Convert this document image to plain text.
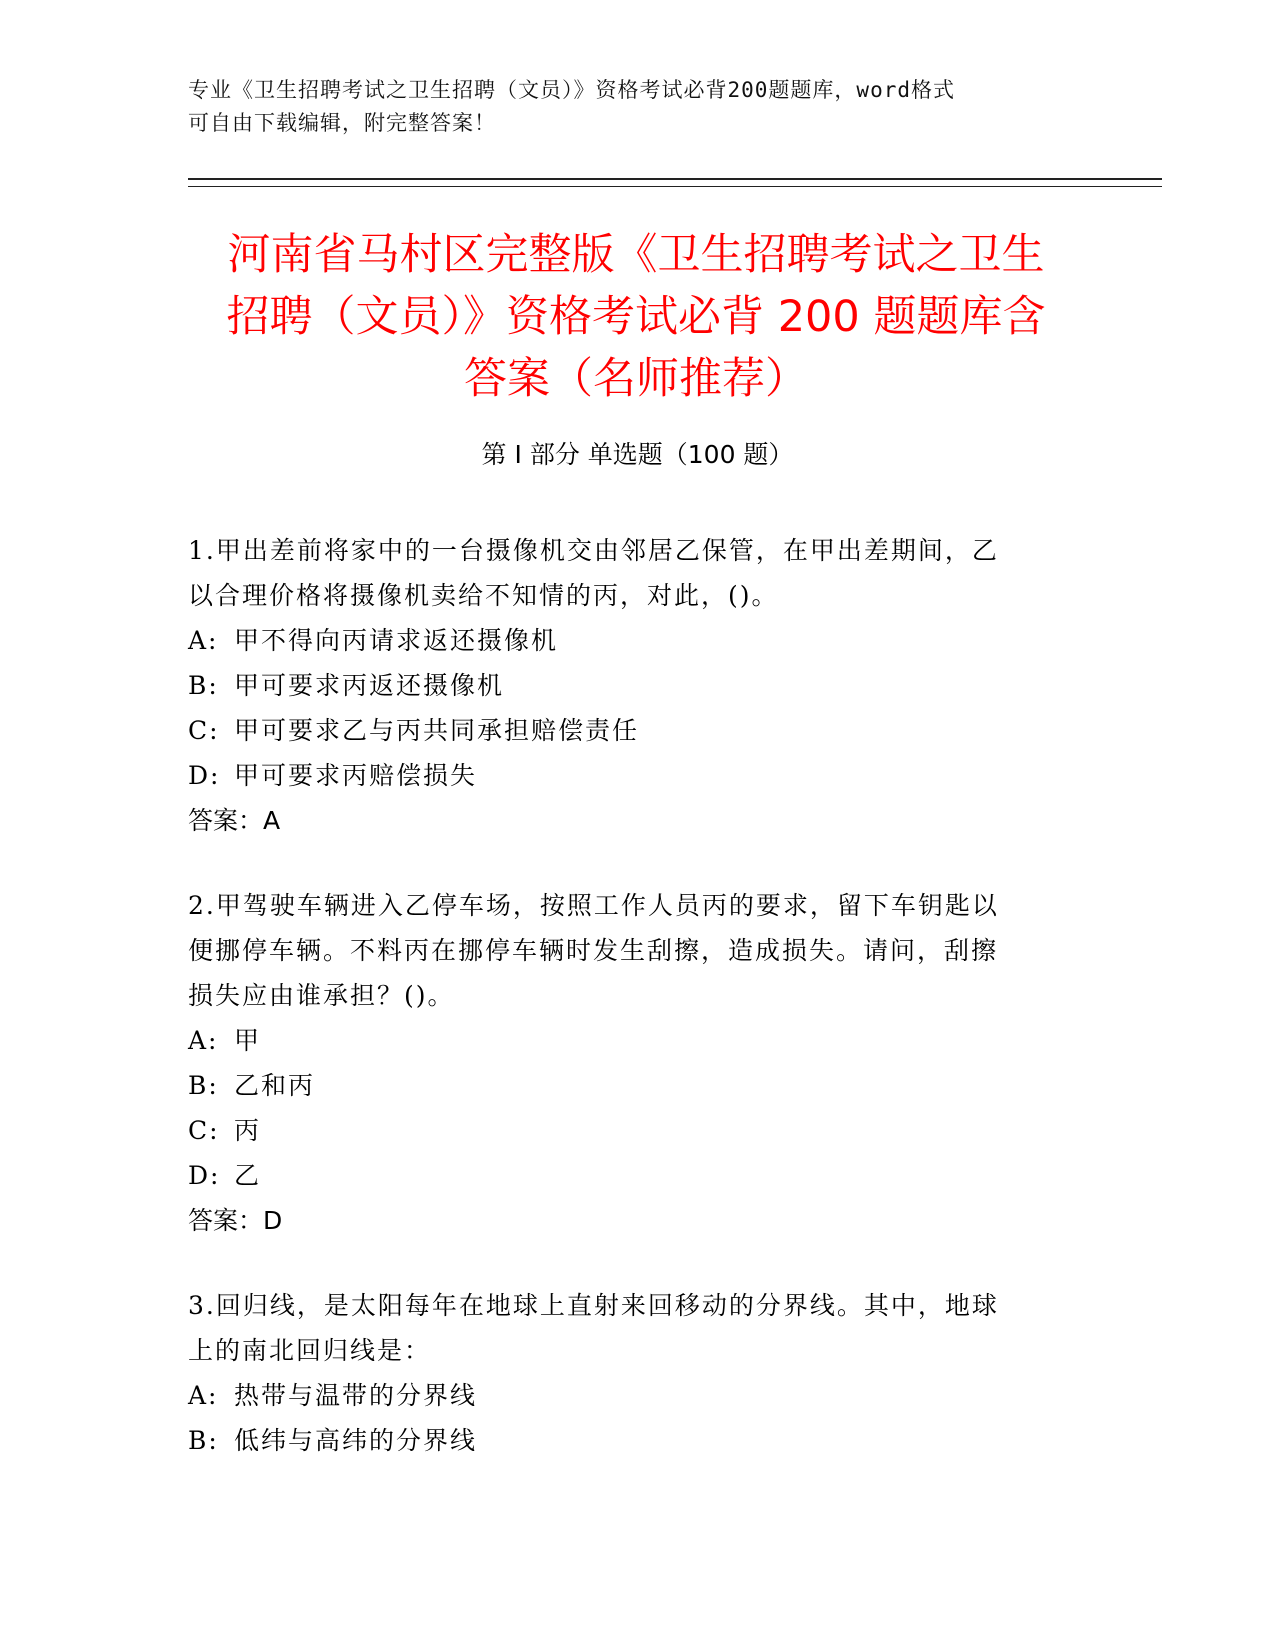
专业《卫生招聘考试之卫生招聘（文员）》资格考试必背200题题库，word格式
可自由下载编辑，附完整答案！
河南省马村区完整版《卫生招聘考试之卫生
招聘（文员）》资格考试必背 200 题题库含
答案（名师推荐）
第 I 部分 单选题（100 题）

1.甲出差前将家中的一台摄像机交由邻居乙保管，在甲出差期间，乙

以合理价格将摄像机卖给不知情的丙，对此，()。

A: 甲不得向丙请求返还摄像机

B: 甲可要求丙返还摄像机

C: 甲可要求乙与丙共同承担赔偿责任

D: 甲可要求丙赔偿损失

答案：A

2.甲驾驶车辆进入乙停车场，按照工作人员丙的要求，留下车钥匙以

便挪停车辆。不料丙在挪停车辆时发生刮擦，造成损失。请问，刮擦

损失应由谁承担？()。

A: 甲

B: 乙和丙

C: 丙

D: 乙

答案：D

3.回归线，是太阳每年在地球上直射来回移动的分界线。其中，地球

上的南北回归线是：

A: 热带与温带的分界线

B: 低纬与高纬的分界线
